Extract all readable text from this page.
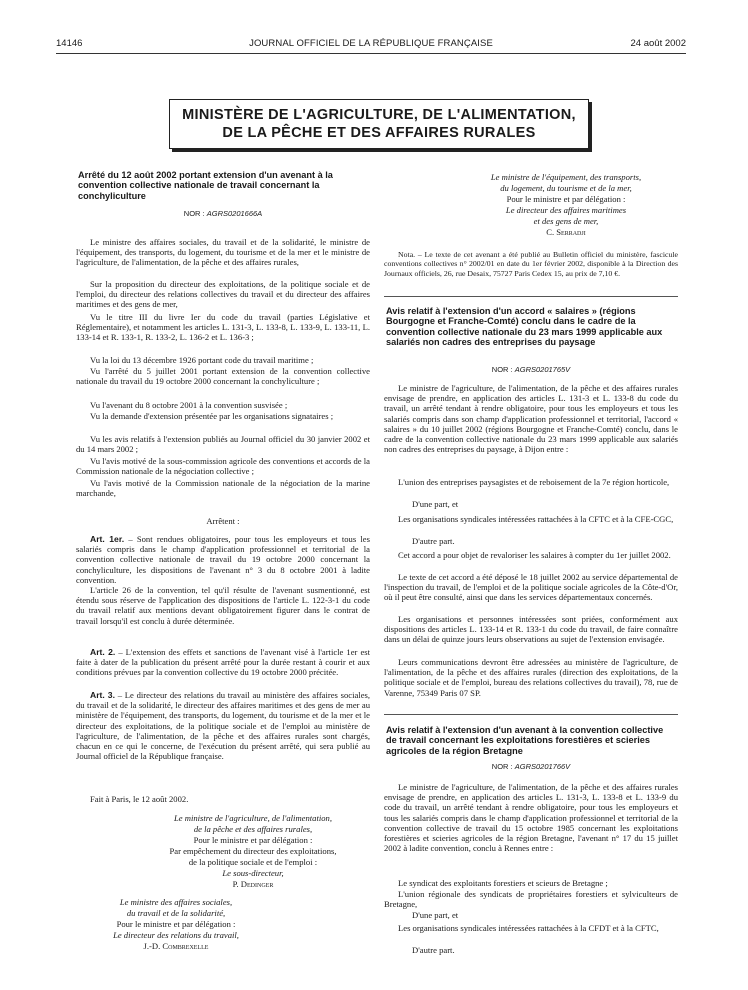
14146	JOURNAL OFFICIEL DE LA RÉPUBLIQUE FRANÇAISE	24 août 2002
MINISTÈRE DE L'AGRICULTURE, DE L'ALIMENTATION,
DE LA PÊCHE ET DES AFFAIRES RURALES
Arrêté du 12 août 2002 portant extension d'un avenant à la convention collective nationale de travail concernant la conchyliculture
NOR : AGRS0201666A
Le ministre des affaires sociales, du travail et de la solidarité, le ministre de l'équipement, des transports, du logement, du tourisme et de la mer et le ministre de l'agriculture, de l'alimentation, de la pêche et des affaires rurales,
Sur la proposition du directeur des exploitations, de la politique sociale et de l'emploi, du directeur des relations collectives du travail et du directeur des affaires maritimes et des gens de mer,
Vu le titre III du livre Ier du code du travail (parties Législative et Réglementaire), et notamment les articles L. 131-3, L. 133-8, L. 133-9, L. 133-11, L. 133-14 et R. 133-1, R. 133-2, L. 136-2 et L. 136-3 ;
Vu la loi du 13 décembre 1926 portant code du travail maritime ;
Vu l'arrêté du 5 juillet 2001 portant extension de la convention collective nationale du travail du 19 octobre 2000 concernant la conchyliculture ;
Vu l'avenant du 8 octobre 2001 à la convention susvisée ;
Vu la demande d'extension présentée par les organisations signataires ;
Vu les avis relatifs à l'extension publiés au Journal officiel du 30 janvier 2002 et du 14 mars 2002 ;
Vu l'avis motivé de la sous-commission agricole des conventions et accords de la Commission nationale de la négociation collective ;
Vu l'avis motivé de la Commission nationale de la négociation de la marine marchande,
Arrêtent :
Art. 1er. – Sont rendues obligatoires, pour tous les employeurs et tous les salariés compris dans le champ d'application professionnel et territorial de la convention collective nationale de travail du 19 octobre 2000 concernant la conchyliculture, les dispositions de l'avenant n° 3 du 8 octobre 2001 à ladite convention.
L'article 26 de la convention, tel qu'il résulte de l'avenant susmentionné, est étendu sous réserve de l'application des dispositions de l'article L. 122-3-1 du code du travail relatif aux mentions devant obligatoirement figurer dans le contrat de travail lorsqu'il est conclu à durée déterminée.
Art. 2. – L'extension des effets et sanctions de l'avenant visé à l'article 1er est faite à dater de la publication du présent arrêté pour la durée restant à courir et aux conditions prévues par la convention collective du 19 octobre 2000 précitée.
Art. 3. – Le directeur des relations du travail au ministère des affaires sociales, du travail et de la solidarité, le directeur des affaires maritimes et des gens de mer au ministère de l'équipement, des transports, du logement, du tourisme et de la mer et le directeur des exploitations, de la politique sociale et de l'emploi au ministère de l'agriculture, de l'alimentation, de la pêche et des affaires rurales sont chargés, chacun en ce qui le concerne, de l'exécution du présent arrêté, qui sera publié au Journal officiel de la République française.
Fait à Paris, le 12 août 2002.
Le ministre de l'agriculture, de l'alimentation,
de la pêche et des affaires rurales,
Pour le ministre et par délégation :
Par empêchement du directeur des exploitations,
de la politique sociale et de l'emploi :
Le sous-directeur,
P. Dedinger
Le ministre des affaires sociales,
du travail et de la solidarité,
Pour le ministre et par délégation :
Le directeur des relations du travail,
J.-D. Combrexelle
Le ministre de l'équipement, des transports,
du logement, du tourisme et de la mer,
Pour le ministre et par délégation :
Le directeur des affaires maritimes
et des gens de mer,
C. Serradji
Nota. – Le texte de cet avenant a été publié au Bulletin officiel du ministère, fascicule conventions collectives n° 2002/01 en date du 1er février 2002, disponible à la Direction des Journaux officiels, 26, rue Desaix, 75727 Paris Cedex 15, au prix de 7,10 €.
Avis relatif à l'extension d'un accord « salaires » (régions Bourgogne et Franche-Comté) conclu dans le cadre de la convention collective nationale du 23 mars 1999 applicable aux salariés non cadres des entreprises du paysage
NOR : AGRS0201765V
Le ministre de l'agriculture, de l'alimentation, de la pêche et des affaires rurales envisage de prendre, en application des articles L. 131-3 et L. 133-8 du code du travail, un arrêté tendant à rendre obligatoire, pour tous les employeurs et tous les salariés compris dans son champ d'application professionnel et territorial, l'accord « salaires » du 10 juillet 2002 (régions Bourgogne et Franche-Comté) conclu, dans le cadre de la convention collective nationale du 23 mars 1999 applicable aux salariés non cadres des entreprises du paysage, à Dijon entre :
L'union des entreprises paysagistes et de reboisement de la 7e région horticole,
D'une part, et
Les organisations syndicales intéressées rattachées à la CFTC et à la CFE-CGC,
D'autre part.
Cet accord a pour objet de revaloriser les salaires à compter du 1er juillet 2002.
Le texte de cet accord a été déposé le 18 juillet 2002 au service départemental de l'inspection du travail, de l'emploi et de la politique sociale agricoles de la Côte-d'Or, où il peut être consulté, ainsi que dans les services départementaux concernés.
Les organisations et personnes intéressées sont priées, conformément aux dispositions des articles L. 133-14 et R. 133-1 du code du travail, de faire connaître dans un délai de quinze jours leurs observations au sujet de l'extension envisagée.
Leurs communications devront être adressées au ministère de l'agriculture, de l'alimentation, de la pêche et des affaires rurales (direction des exploitations, de la politique sociale et de l'emploi, bureau des relations collectives du travail), 78, rue de Varenne, 75349 Paris 07 SP.
Avis relatif à l'extension d'un avenant à la convention collective de travail concernant les exploitations forestières et scieries agricoles de la région Bretagne
NOR : AGRS0201766V
Le ministre de l'agriculture, de l'alimentation, de la pêche et des affaires rurales envisage de prendre, en application des articles L. 131-3, L. 133-8 et L. 133-9 du code du travail, un arrêté tendant à rendre obligatoire, pour tous les employeurs et tous les salariés compris dans le champ d'application professionnel et territorial de la convention collective de travail du 15 octobre 1985 concernant les exploitations forestières et scieries agricoles de la région Bretagne, l'avenant n° 17 du 15 juillet 2002 à ladite convention, conclu à Rennes entre :
Le syndicat des exploitants forestiers et scieurs de Bretagne ;
L'union régionale des syndicats de propriétaires forestiers et sylviculteurs de Bretagne,
D'une part, et
Les organisations syndicales intéressées rattachées à la CFDT et à la CFTC,
D'autre part.
